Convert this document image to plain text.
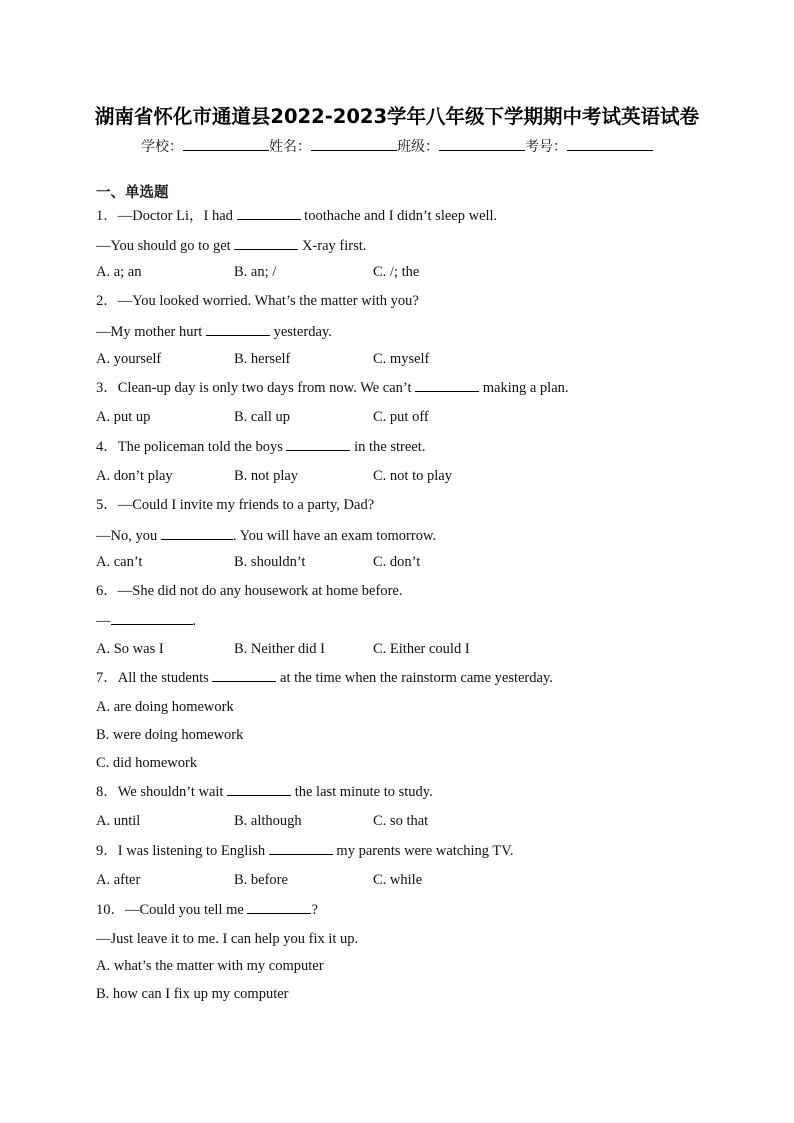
湖南省怀化市通道县2022-2023学年八年级下学期期中考试英语试卷
学校：	姓名：	班级：	考号：
一、单选题
1．—Doctor Li，I had	toothache and I didn’t sleep well.
—You should go to get	X-ray first.
A. a; an	B. an; /	C. /; the
2．—You looked worried. What’s the matter with you?
—My mother hurt	yesterday.
A. yourself	B. herself	C. myself
3．Clean-up day is only two days from now. We can’t	making a plan.
A. put up	B. call up	C. put off
4．The policeman told the boys	in the street.
A. don’t play	B. not play	C. not to play
5．—Could I invite my friends to a party, Dad?
—No, you	. You will have an exam tomorrow.
A. can’t	B. shouldn’t	C. don’t
6．—She did not do any housework at home before.
—	.
A. So was I	B. Neither did I	C. Either could I
7．All the students	at the time when the rainstorm came yesterday.
A. are doing homework
B. were doing homework
C. did homework
8．We shouldn’t wait	the last minute to study.
A. until	B. although	C. so that
9．I was listening to English	my parents were watching TV.
A. after	B. before	C. while
10．—Could you tell me	?
—Just leave it to me. I can help you fix it up.
A. what’s the matter with my computer
B. how can I fix up my computer
